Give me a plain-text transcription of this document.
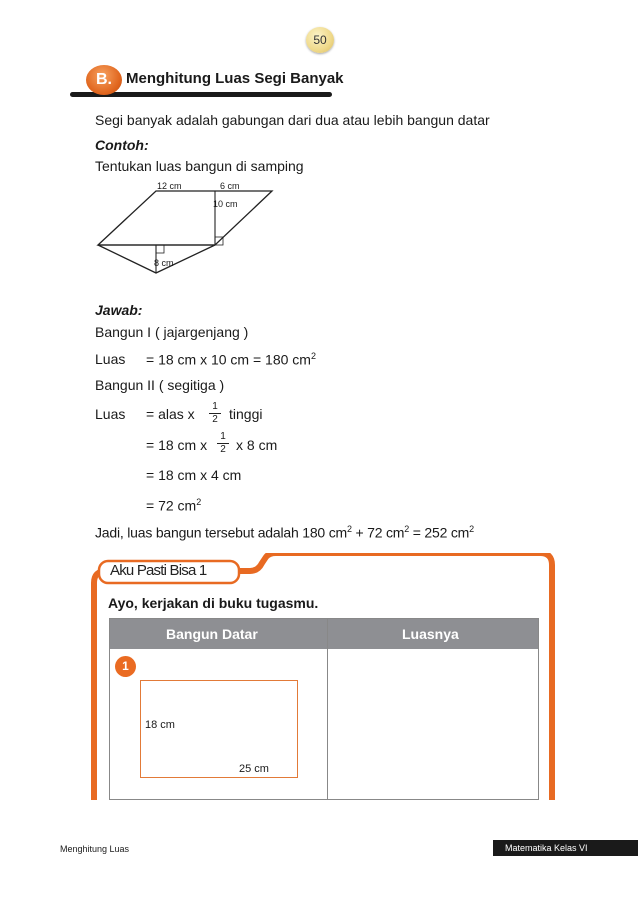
50
B. Menghitung Luas Segi Banyak
Segi banyak adalah gabungan dari dua atau lebih bangun datar
Contoh:
Tentukan luas bangun di samping
12 cm	6 cm
10 cm
8 cm
Jawab:
Bangun I ( jajargenjang )
Luas = 18 cm x 10 cm = 180 $cm^2$
Bangun II ( segitiga )
Luas = alas x $\frac{1}{2}$ tinggi
= 18 cm x $\frac{1}{2}$ x 8 cm
= 18 cm x 4 cm
= 72 $cm^2$
Jadi, luas bangun tersebut adalah 180 $cm^2 + 72$ $cm^2 = 252$ $cm^2$
Aku Pasti Bisa 1
Ayo, kerjakan di buku tugasmu.
Bangun Datar	Luasnya
1
18 cm
25 cm
Menghitung Luas	Matematika Kelas VI
